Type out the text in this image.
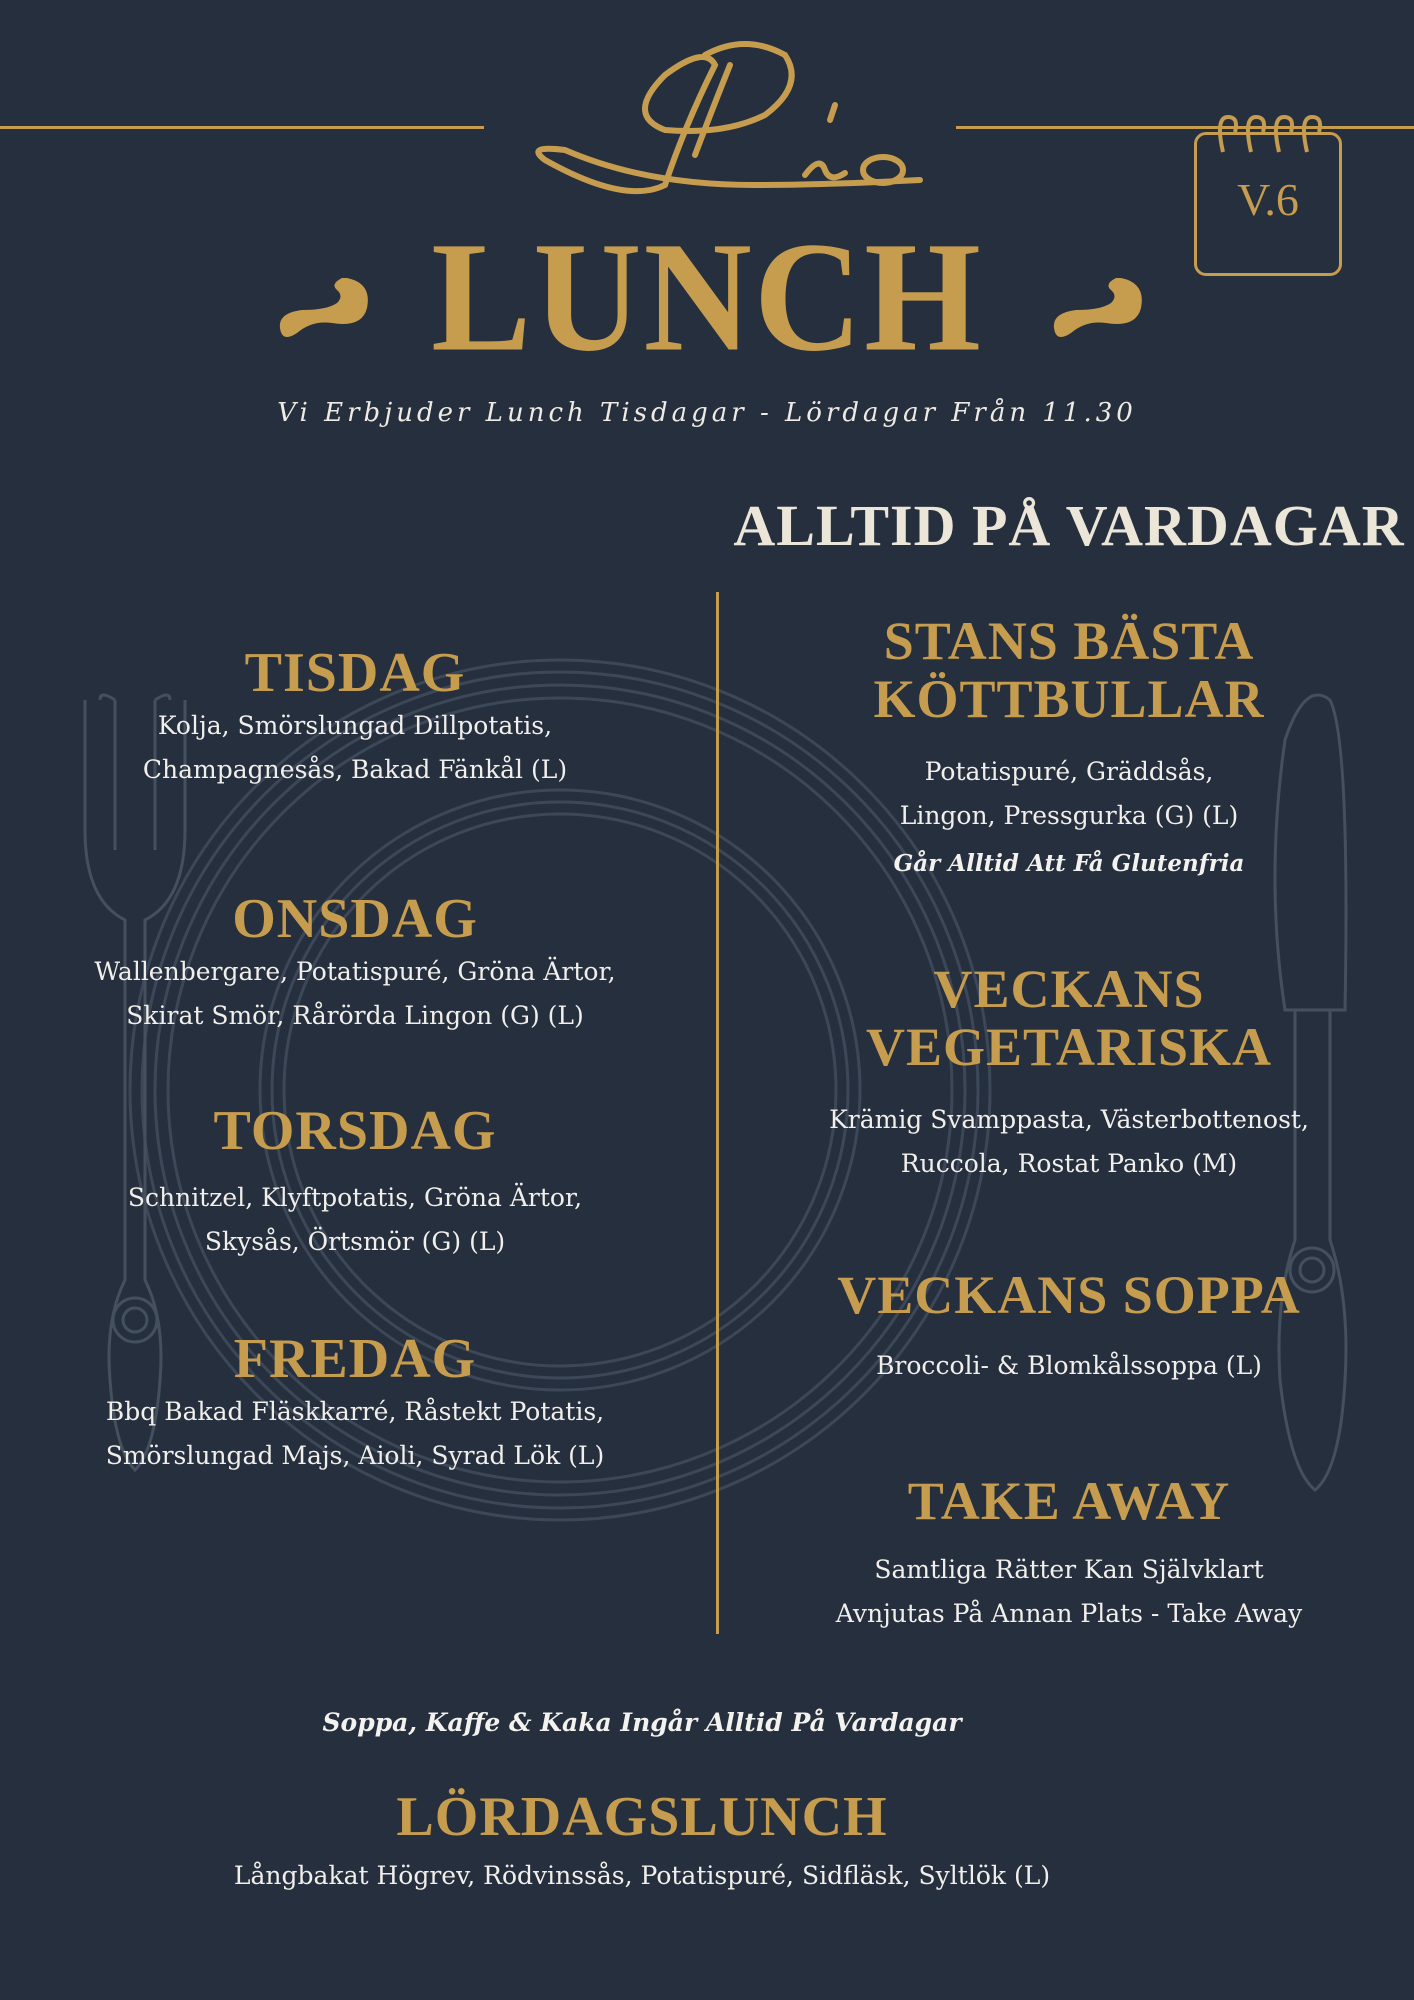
V.6
LUNCH
Vi Erbjuder Lunch Tisdagar - Lördagar Från 11.30
ALLTID PÅ VARDAGAR
TISDAG

Kolja, Smörslungad Dillpotatis,

Champagnesås, Bakad Fänkål (L)

ONSDAG

Wallenbergare, Potatispuré, Gröna Ärtor,

Skirat Smör, Rårörda Lingon (G) (L)

TORSDAG

Schnitzel, Klyftpotatis, Gröna Ärtor,

Skysås, Örtsmör (G) (L)

FREDAG

Bbq Bakad Fläskkarré, Råstekt Potatis,

Smörslungad Majs, Aioli, Syrad Lök (L)

STANS BÄSTA
KÖTTBULLAR

Potatispuré, Gräddsås,

Lingon, Pressgurka (G) (L)

Går Alltid Att Få Glutenfria

VECKANS
VEGETARISKA

Krämig Svamppasta, Västerbottenost,

Ruccola, Rostat Panko (M)

VECKANS SOPPA

Broccoli- & Blomkålssoppa (L)

TAKE AWAY

Samtliga Rätter Kan Självklart

Avnjutas På Annan Plats - Take Away

Soppa, Kaffe & Kaka Ingår Alltid På Vardagar
LÖRDAGSLUNCH
Långbakat Högrev, Rödvinssås, Potatispuré, Sidfläsk, Syltlök (L)
